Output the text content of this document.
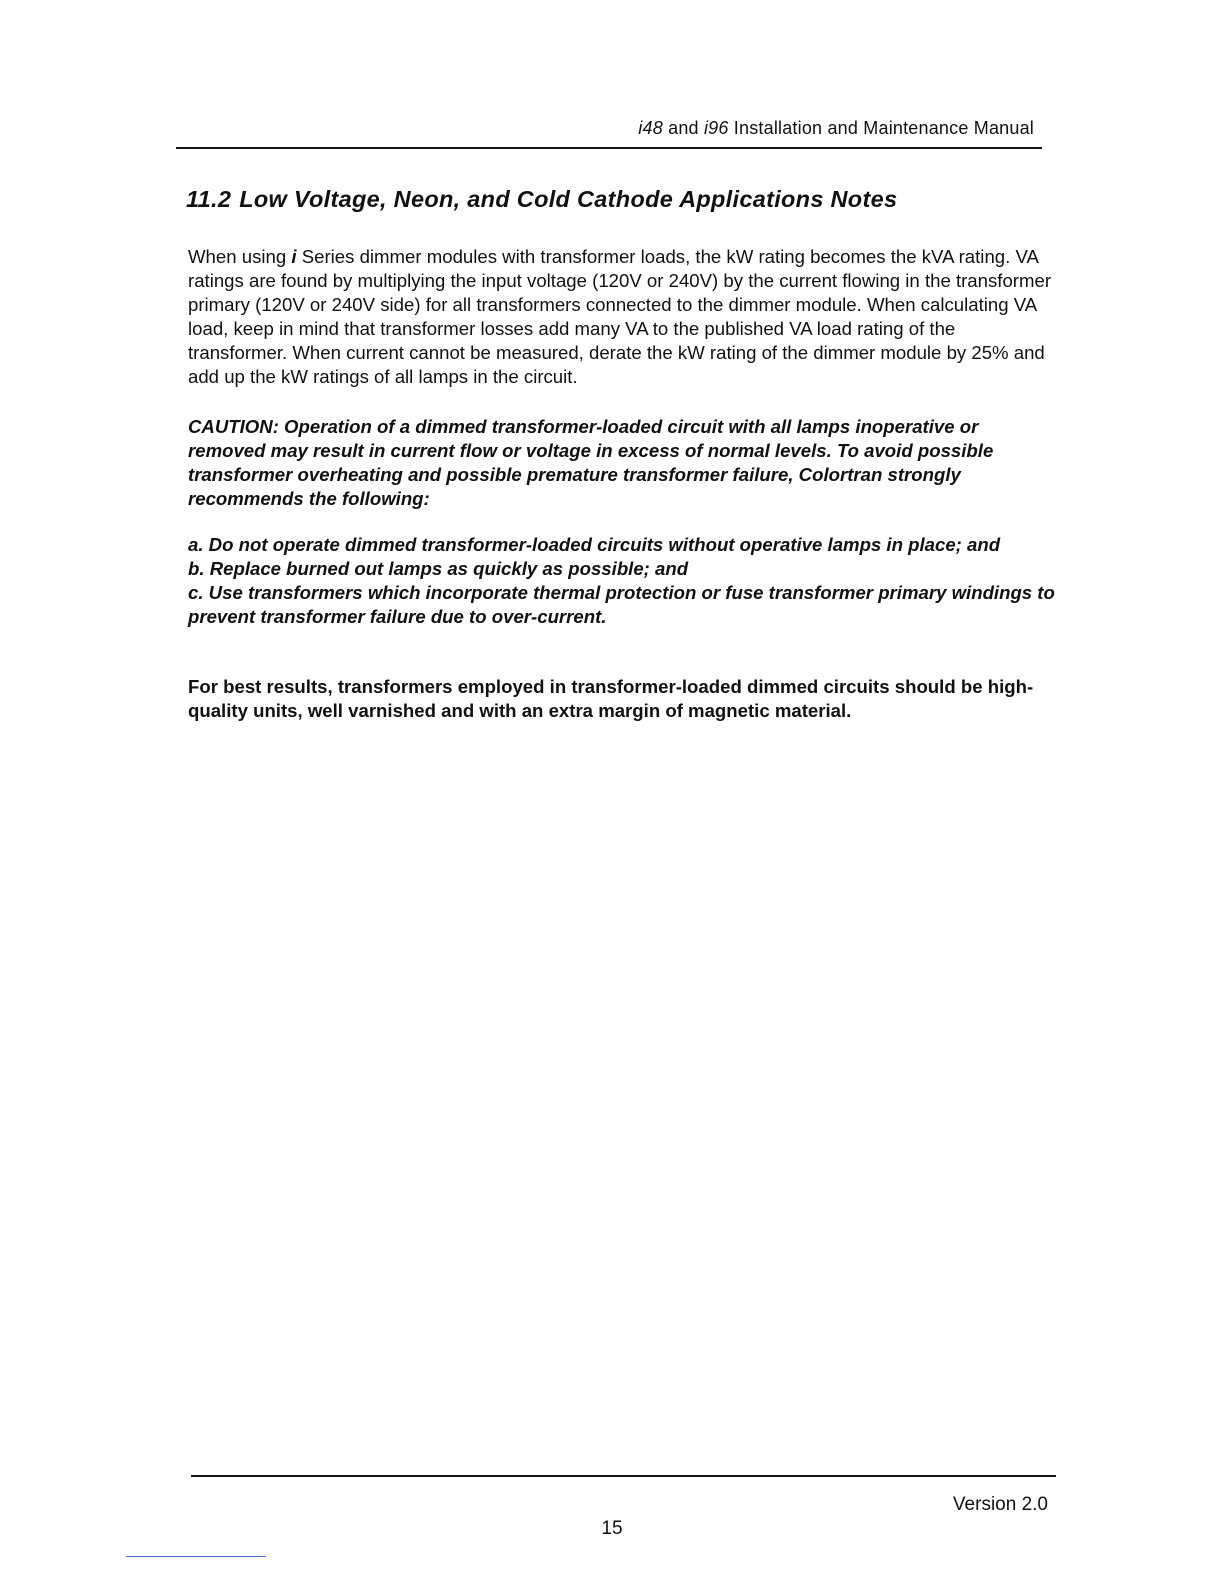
i48 and i96 Installation and Maintenance Manual
11.2 Low Voltage, Neon, and Cold Cathode Applications Notes

When using i Series dimmer modules with transformer loads, the kW rating becomes the kVA rating. VA ratings are found by multiplying the input voltage (120V or 240V) by the current flowing in the transformer primary (120V or 240V side) for all transformers connected to the dimmer module. When calculating VA load, keep in mind that transformer losses add many VA to the published VA load rating of the transformer. When current cannot be measured, derate the kW rating of the dimmer module by 25% and add up the kW ratings of all lamps in the circuit.

CAUTION: Operation of a dimmed transformer-loaded circuit with all lamps inoperative or removed may result in current flow or voltage in excess of normal levels. To avoid possible transformer overheating and possible premature transformer failure, Colortran strongly recommends the following:

a. Do not operate dimmed transformer-loaded circuits without operative lamps in place; and
b. Replace burned out lamps as quickly as possible; and
c. Use transformers which incorporate thermal protection or fuse transformer primary windings to prevent transformer failure due to over-current.

For best results, transformers employed in transformer-loaded dimmed circuits should be high-quality units, well varnished and with an extra margin of magnetic material.

Version 2.0
15
